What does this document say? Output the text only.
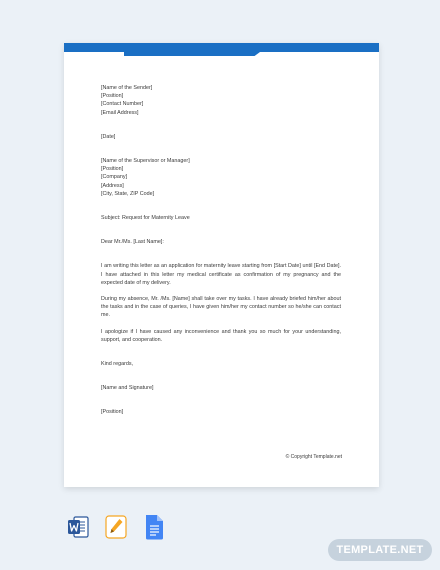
[Name of the Sender]

[Position]

[Contact Number]

[Email Address]

[Date]

[Name of the Supervisor or Manager]

[Position]

[Company]

[Address]

[City, State, ZIP Code]

Subject: Request for Maternity Leave

Dear Mr./Ms. [Last Name]:

I am writing this letter as an application for maternity leave starting from [Start Date] until [End Date]. I have attached in this letter my medical certificate as confirmation of my pregnancy and the expected date of my delivery.

During my absence, Mr. /Ms. [Name] shall take over my tasks. I have already briefed him/her about the tasks and in the case of queries, I have given him/her my contact number so he/she can contact me.

I apologize if I have caused any inconvenience and thank you so much for your understanding, support, and cooperation.

Kind regards,

[Name and Signature]

[Position]

© Copyright Template.net
TEMPLATE.NET
